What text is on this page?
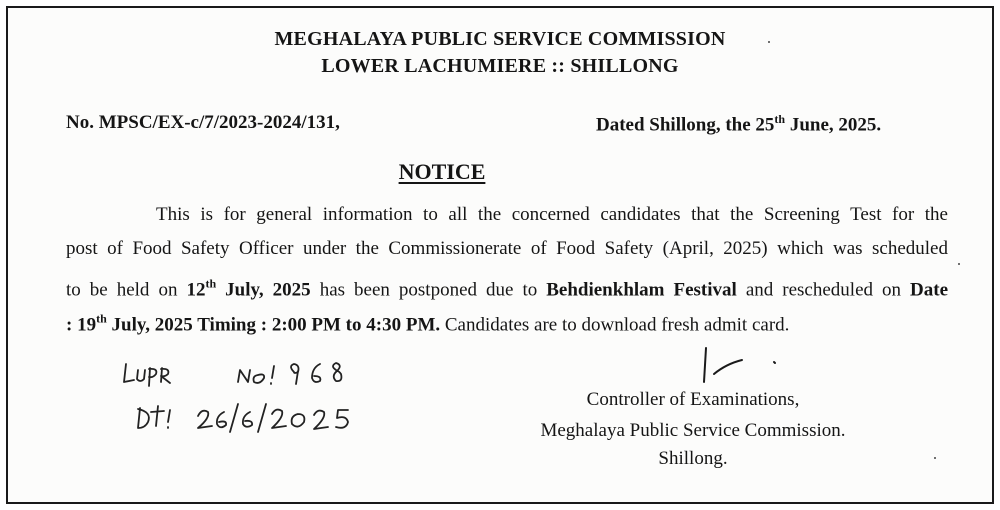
MEGHALAYA PUBLIC SERVICE COMMISSION
LOWER LACHUMIERE :: SHILLONG
No. MPSC/EX-c/7/2023-2024/131,	Dated Shillong, the 25th June, 2025.
NOTICE
This is for general information to all the concerned candidates that the Screening Test for the
post of Food Safety Officer under the Commissionerate of Food Safety (April, 2025) which was scheduled
to be held on 12th July, 2025 has been postponed due to Behdienkhlam Festival and rescheduled on Date
: 19th July, 2025 Timing : 2:00 PM to 4:30 PM. Candidates are to download fresh admit card.
Controller of Examinations,
Meghalaya Public Service Commission.
Shillong.
